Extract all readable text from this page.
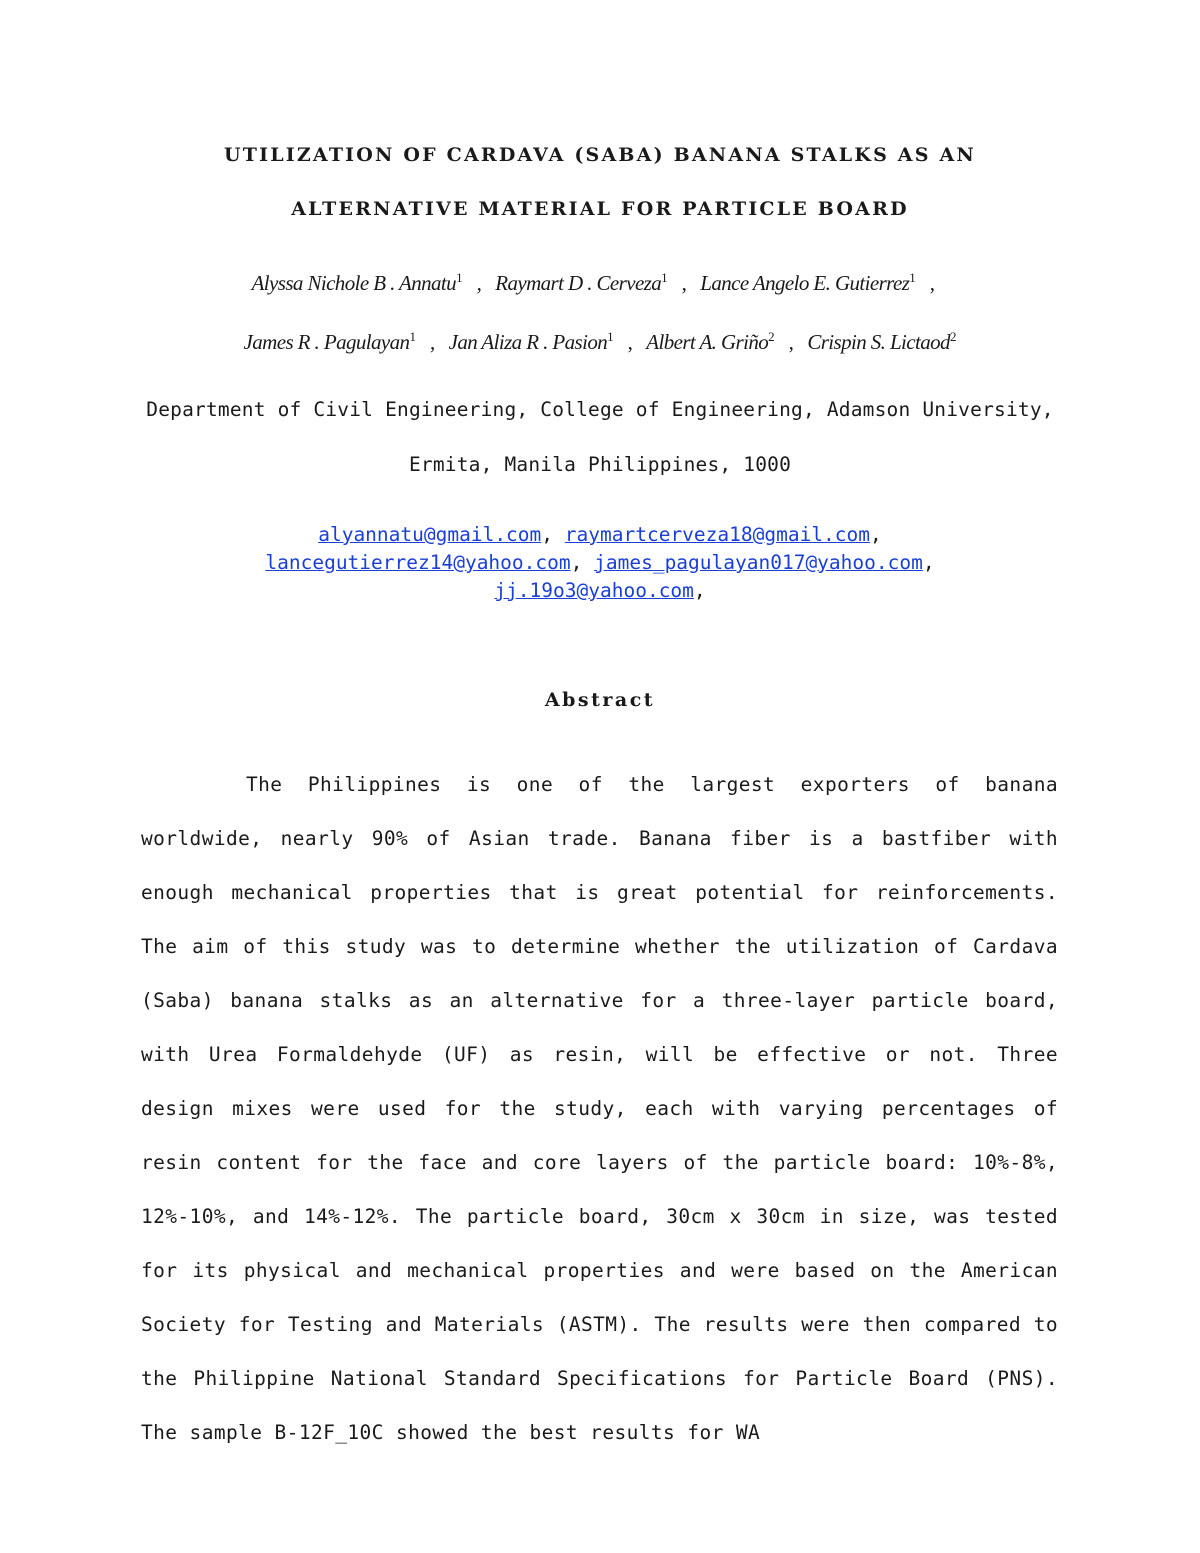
UTILIZATION OF CARDAVA (SABA) BANANA STALKS AS AN
ALTERNATIVE MATERIAL FOR PARTICLE BOARD
Alyssa Nichole B . Annatu$^1$ , Raymart D . Cerveza$^1$ , Lance Angelo E. Gutierrez$^1$ ,
James R . Pagulayan$^1$ , Jan Aliza R . Pasion$^1$ , Albert A. Griño$^2$ , Crispin S. Lictaod$^2$
Department of Civil Engineering, College of Engineering, Adamson University,
Ermita, Manila Philippines, 1000
alyannatu@gmail.com, raymartcerveza18@gmail.com,
lancegutierrez14@yahoo.com, james_pagulayan017@yahoo.com,
jj.19o3@yahoo.com,
Abstract

The Philippines is one of the largest exporters of banana worldwide, nearly 90% of Asian trade. Banana fiber is a bastfiber with enough mechanical properties that is great potential for reinforcements. The aim of this study was to determine whether the utilization of Cardava (Saba) banana stalks as an alternative for a three-layer particle board, with Urea Formaldehyde (UF) as resin, will be effective or not. Three design mixes were used for the study, each with varying percentages of resin content for the face and core layers of the particle board: 10%-8%, 12%-10%, and 14%-12%. The particle board, 30cm x 30cm in size, was tested for its physical and mechanical properties and were based on the American Society for Testing and Materials (ASTM). The results were then compared to the Philippine National Standard Specifications for Particle Board (PNS). The sample B-12F_10C showed the best results for WA
